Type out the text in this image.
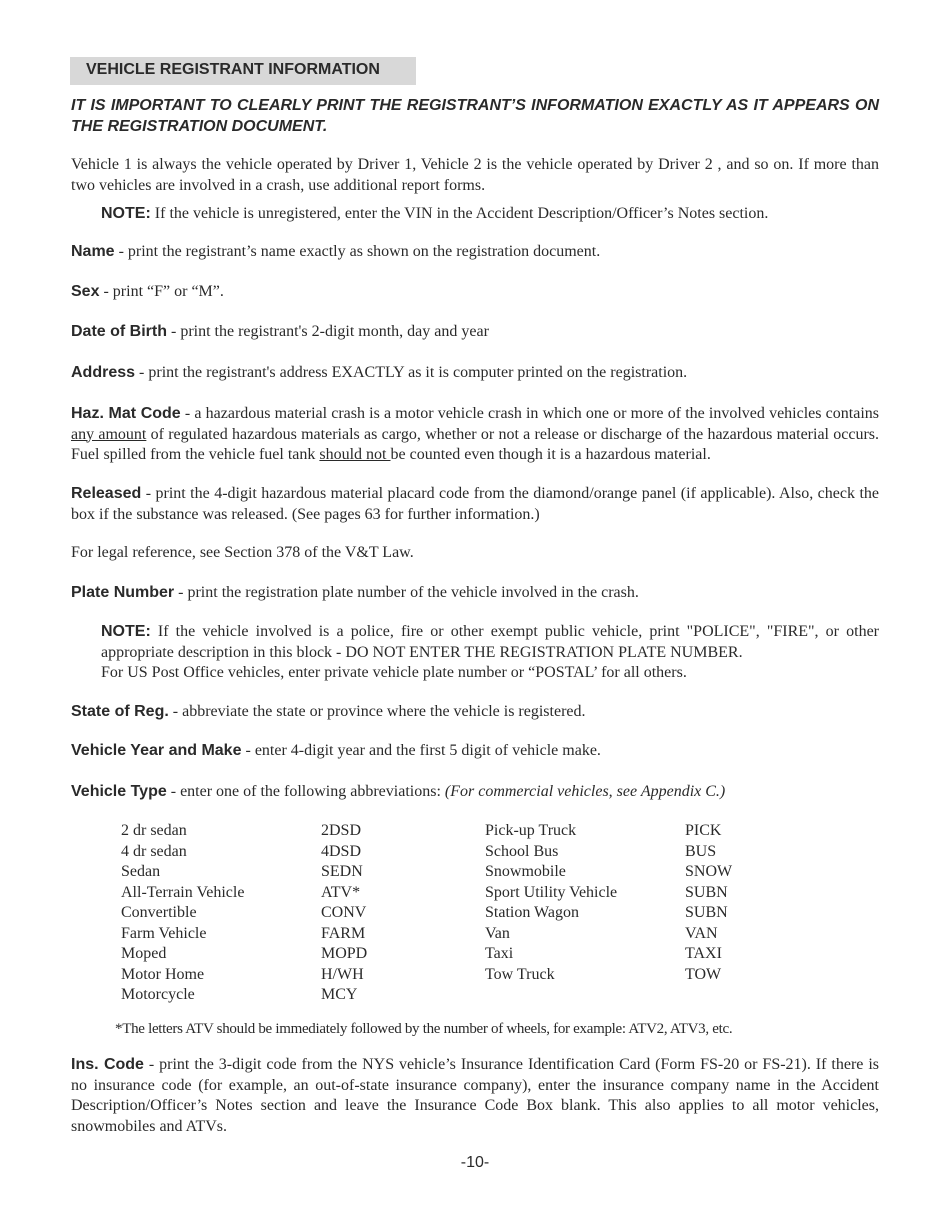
VEHICLE REGISTRANT INFORMATION
IT IS IMPORTANT TO CLEARLY PRINT THE REGISTRANT’S INFORMATION EXACTLY AS IT APPEARS ON THE REGISTRATION DOCUMENT.
Vehicle 1 is always the vehicle operated by Driver 1, Vehicle 2 is the vehicle operated by Driver 2 , and so on. If more than two vehicles are involved in a crash, use additional report forms.
NOTE: If the vehicle is unregistered, enter the VIN in the Accident Description/Officer’s Notes section.
Name - print the registrant’s name exactly as shown on the registration document.
Sex - print “F” or “M”.
Date of Birth - print the registrant's 2-digit month, day and year
Address - print the registrant's address EXACTLY as it is computer printed on the registration.
Haz. Mat Code - a hazardous material crash is a motor vehicle crash in which one or more of the involved vehicles contains any amount of regulated hazardous materials as cargo, whether or not a release or discharge of the hazardous material occurs. Fuel spilled from the vehicle fuel tank should not be counted even though it is a hazardous material.
Released - print the 4-digit hazardous material placard code from the diamond/orange panel (if applicable). Also, check the box if the substance was released. (See pages 63 for further information.)
For legal reference, see Section 378 of the V&T Law.
Plate Number - print the registration plate number of the vehicle involved in the crash.
NOTE: If the vehicle involved is a police, fire or other exempt public vehicle, print "POLICE", "FIRE", or other appropriate description in this block - DO NOT ENTER THE REGISTRATION PLATE NUMBER.
For US Post Office vehicles, enter private vehicle plate number or “POSTAL’ for all others.
State of Reg. - abbreviate the state or province where the vehicle is registered.
Vehicle Year and Make - enter 4-digit year and the first 5 digit of vehicle make.
Vehicle Type - enter one of the following abbreviations: (For commercial vehicles, see Appendix C.)
2 dr sedan	2DSD	Pick-up Truck	PICK
4 dr sedan	4DSD	School Bus	BUS
Sedan	SEDN	Snowmobile	SNOW
All-Terrain Vehicle	ATV*	Sport Utility Vehicle	SUBN
Convertible	CONV	Station Wagon	SUBN
Farm Vehicle	FARM	Van	VAN
Moped	MOPD	Taxi	TAXI
Motor Home	H/WH	Tow Truck	TOW
Motorcycle	MCY		
*The letters ATV should be immediately followed by the number of wheels, for example: ATV2, ATV3, etc.
Ins. Code - print the 3-digit code from the NYS vehicle’s Insurance Identification Card (Form FS-20 or FS-21). If there is no insurance code (for example, an out-of-state insurance company), enter the insurance company name in the Accident Description/Officer’s Notes section and leave the Insurance Code Box blank. This also applies to all motor vehicles, snowmobiles and ATVs.
-10-
